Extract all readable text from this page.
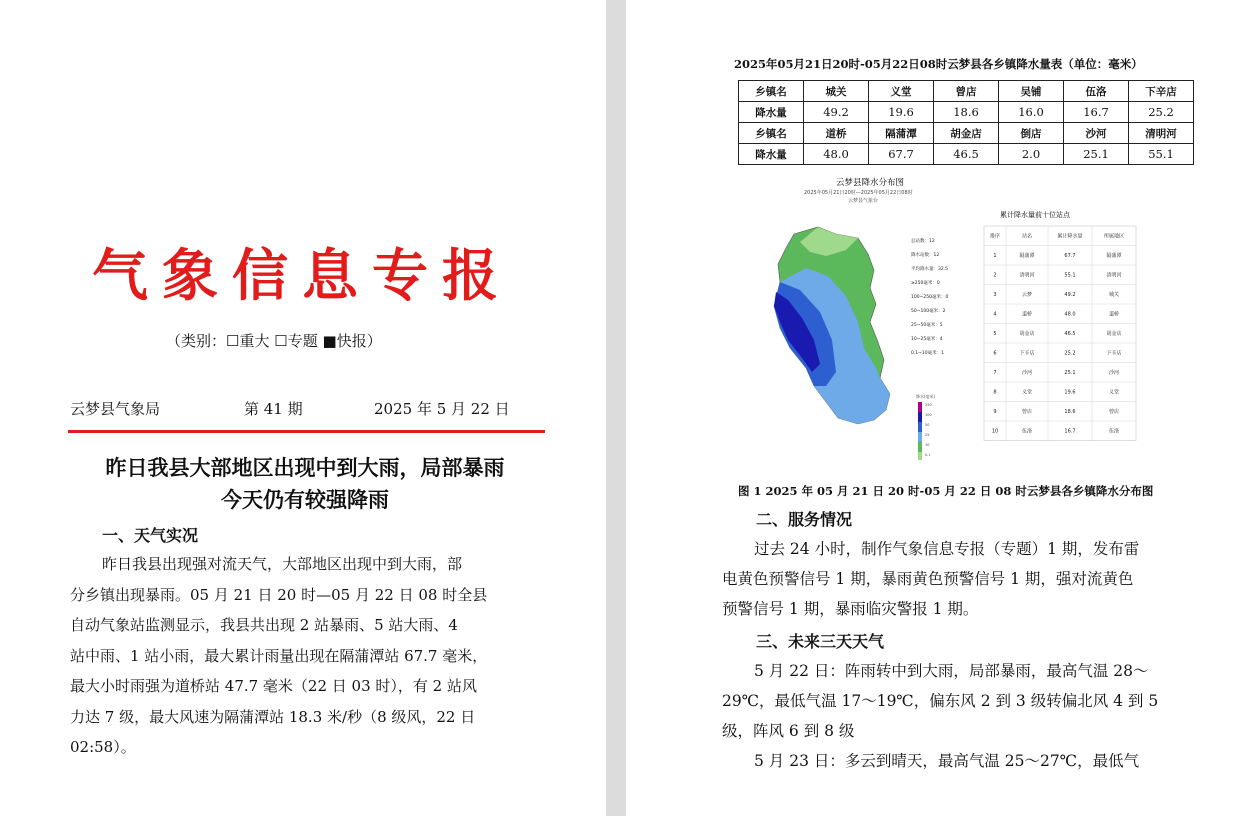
气象信息专报
（类别：☐重大 ☐专题 ■快报）
云梦县气象局	第 41 期	2025 年 5 月 22 日
昨日我县大部地区出现中到大雨，局部暴雨
今天仍有较强降雨
一、天气实况

昨日我县出现强对流天气，大部地区出现中到大雨，部

分乡镇出现暴雨。05 月 21 日 20 时—05 月 22 日 08 时全县

自动气象站监测显示，我县共出现 2 站暴雨、5 站大雨、4

站中雨、1 站小雨，最大累计雨量出现在隔蒲潭站 67.7 毫米，

最大小时雨强为道桥站 47.7 毫米（22 日 03 时），有 2 站风

力达 7 级，最大风速为隔蒲潭站 18.3 米/秒（8 级风，22 日

02:58）。

2025年05月21日20时-05月22日08时云梦县各乡镇降水量表（单位：毫米）
乡镇名	城关	义堂	曾店	吴铺	伍洛	下辛店
降水量	49.2	19.6	18.6	16.0	16.7	25.2
乡镇名	道桥	隔蒲潭	胡金店	倒店	沙河	清明河
降水量	48.0	67.7	46.5	2.0	25.1	55.1
云梦县降水分布图
2025年05月21日20时—2025年05月22日08时
云梦县气象台
总站数：12
降水站数：12
平均降水量：32.5
≥250毫米：0
100~250毫米：0
50~100毫米：2
25~50毫米：5
10~25毫米：4
0.1~10毫米：1
降水(毫米)
250
100
50
25
10
0.1
累计降水量前十位站点
排序	站名	累计降水量	所属地区
1	隔蒲潭	67.7	隔蒲潭
2	清明河	55.1	清明河
3	云梦	49.2	城关
4	道桥	48.0	道桥
5	胡金店	46.5	胡金店
6	下辛店	25.2	下辛店
7	沙河	25.1	沙河
8	义堂	19.6	义堂
9	曾店	18.6	曾店
10	伍洛	16.7	伍洛
图 1 2025 年 05 月 21 日 20 时-05 月 22 日 08 时云梦县各乡镇降水分布图
二、服务情况

过去 24 小时，制作气象信息专报（专题）1 期，发布雷

电黄色预警信号 1 期，暴雨黄色预警信号 1 期，强对流黄色

预警信号 1 期，暴雨临灾警报 1 期。

三、未来三天天气

5 月 22 日：阵雨转中到大雨，局部暴雨，最高气温 28～

29℃，最低气温 17～19℃，偏东风 2 到 3 级转偏北风 4 到 5

级，阵风 6 到 8 级

5 月 23 日：多云到晴天，最高气温 25～27℃，最低气
